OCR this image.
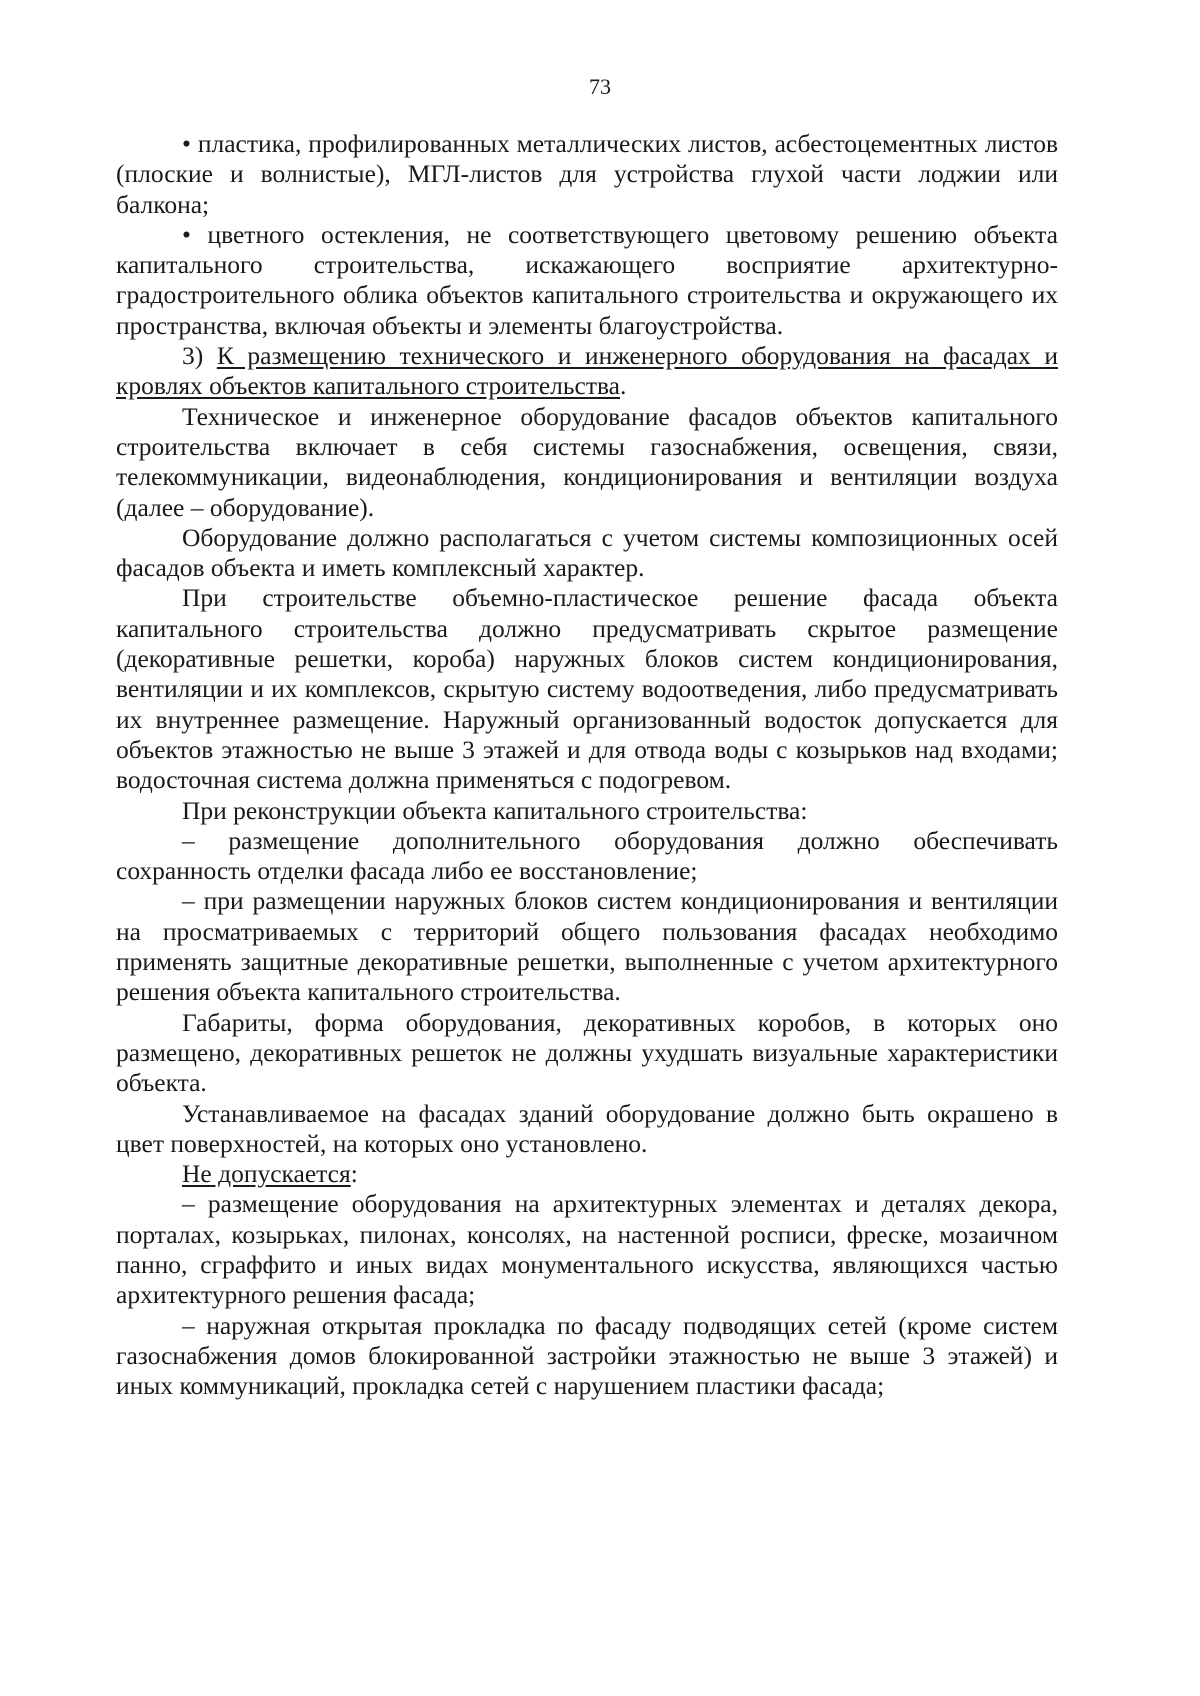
73

• пластика, профилированных металлических листов, асбестоцементных листов (плоские и волнистые), МГЛ-листов для устройства глухой части лоджии или балкона;

• цветного остекления, не соответствующего цветовому решению объекта капитального строительства, искажающего восприятие архитектурно-градостроительного облика объектов капитального строительства и окружающего их пространства, включая объекты и элементы благоустройства.

3) К размещению технического и инженерного оборудования на фасадах и кровлях объектов капитального строительства.

Техническое и инженерное оборудование фасадов объектов капитального строительства включает в себя системы газоснабжения, освещения, связи, телекоммуникации, видеонаблюдения, кондиционирования и вентиляции воздуха (далее – оборудование).

Оборудование должно располагаться с учетом системы композиционных осей фасадов объекта и иметь комплексный характер.

При строительстве объемно-пластическое решение фасада объекта капитального строительства должно предусматривать скрытое размещение (декоративные решетки, короба) наружных блоков систем кондиционирования, вентиляции и их комплексов, скрытую систему водоотведения, либо предусматривать их внутреннее размещение. Наружный организованный водосток допускается для объектов этажностью не выше 3 этажей и для отвода воды с козырьков над входами; водосточная система должна применяться с подогревом.

При реконструкции объекта капитального строительства:

– размещение дополнительного оборудования должно обеспечивать сохранность отделки фасада либо ее восстановление;

– при размещении наружных блоков систем кондиционирования и вентиляции на просматриваемых с территорий общего пользования фасадах необходимо применять защитные декоративные решетки, выполненные с учетом архитектурного решения объекта капитального строительства.

Габариты, форма оборудования, декоративных коробов, в которых оно размещено, декоративных решеток не должны ухудшать визуальные характеристики объекта.

Устанавливаемое на фасадах зданий оборудование должно быть окрашено в цвет поверхностей, на которых оно установлено.

Не допускается:

– размещение оборудования на архитектурных элементах и деталях декора, порталах, козырьках, пилонах, консолях, на настенной росписи, фреске, мозаичном панно, сграффито и иных видах монументального искусства, являющихся частью архитектурного решения фасада;

– наружная открытая прокладка по фасаду подводящих сетей (кроме систем газоснабжения домов блокированной застройки этажностью не выше 3 этажей) и иных коммуникаций, прокладка сетей с нарушением пластики фасада;
